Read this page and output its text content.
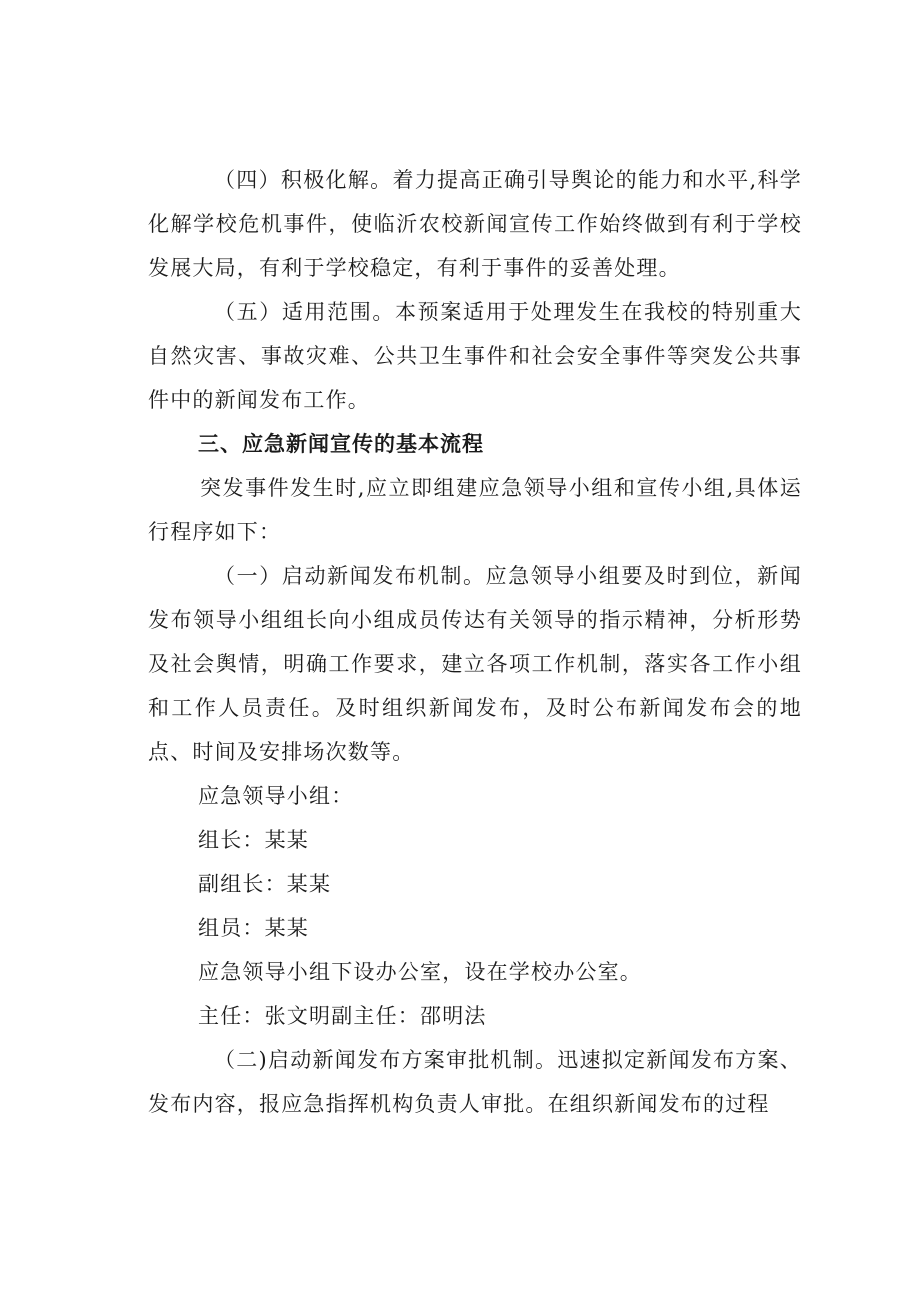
（四）积极化解。着力提高正确引导舆论的能力和水平,科学化解学校危机事件，使临沂农校新闻宣传工作始终做到有利于学校发展大局，有利于学校稳定，有利于事件的妥善处理。

（五）适用范围。本预案适用于处理发生在我校的特别重大自然灾害、事故灾难、公共卫生事件和社会安全事件等突发公共事件中的新闻发布工作。

三、应急新闻宣传的基本流程

突发事件发生时,应立即组建应急领导小组和宣传小组,具体运行程序如下：

（一）启动新闻发布机制。应急领导小组要及时到位，新闻发布领导小组组长向小组成员传达有关领导的指示精神，分析形势及社会舆情，明确工作要求，建立各项工作机制，落实各工作小组和工作人员责任。及时组织新闻发布，及时公布新闻发布会的地点、时间及安排场次数等。

应急领导小组：

组长：某某

副组长：某某

组员：某某

应急领导小组下设办公室，设在学校办公室。

主任：张文明副主任：邵明法

（二)启动新闻发布方案审批机制。迅速拟定新闻发布方案、发布内容，报应急指挥机构负责人审批。在组织新闻发布的过程
